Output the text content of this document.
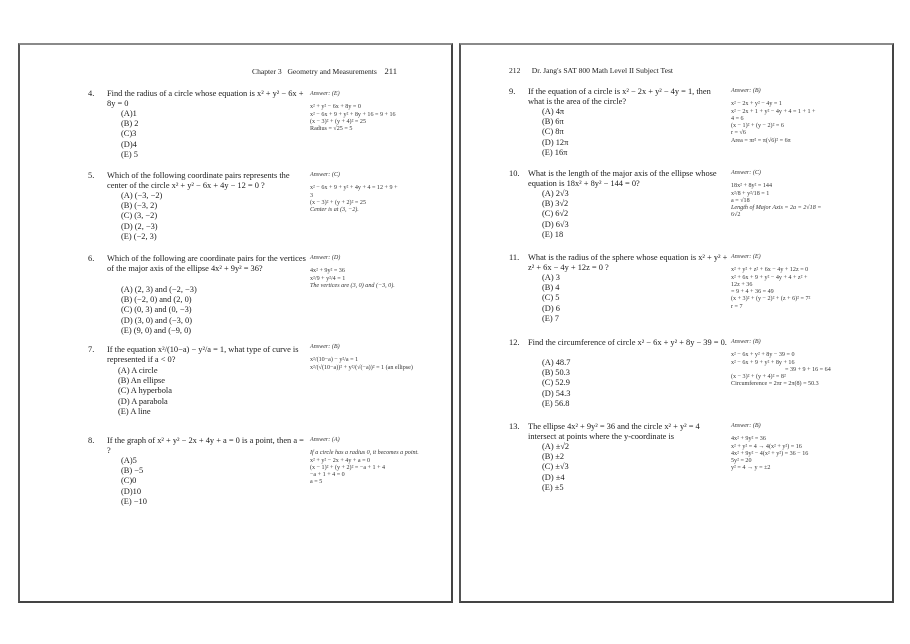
Chapter 3 Geometry and Measurements 211
4. Find the radius of a circle whose equation is x² + y² − 6x + 8y = 0
(A)1
(B) 2
(C)3
(D)4
(E) 5
Answer: (E)
x² + y² − 6x + 8y = 0
x² − 6x + 9 + y² + 8y + 16 = 9 + 16
(x − 3)² + (y + 4)² = 25
Radius = √25 = 5
5. Which of the following coordinate pairs represents the center of the circle x² + y² − 6x + 4y − 12 = 0 ?
(A) (−3, −2)
(B) (−3, 2)
(C) (3, −2)
(D) (2, −3)
(E) (−2, 3)
Answer: (C)
x² − 6x + 9 + y² + 4y + 4 = 12 + 9 +
3
(x − 3)² + (y + 2)² = 25
Center is at (3, −2).
6. Which of the following are coordinate pairs for the vertices of the major axis of the ellipse 4x² + 9y² = 36?
(A) (2, 3) and (−2, −3)
(B) (−2, 0) and (2, 0)
(C) (0, 3) and (0, −3)
(D) (3, 0) and (−3, 0)
(E) (9, 0) and (−9, 0)
Answer: (D)
4x² + 9y² = 36
x²/9 + y²/4 = 1
The vertices are (3, 0) and (−3, 0).
7. If the equation x²/(10−a) − y²/a = 1, what type of curve is represented if a < 0?
(A) A circle
(B) An ellipse
(C) A hyperbola
(D) A parabola
(E) A line
Answer: (B)
x²/(10−a) − y²/a = 1
x²/(√(10−a))² + y²/(√(−a))² = 1 (an ellipse)
8. If the graph of x² + y² − 2x + 4y + a = 0 is a point, then a = ?
(A)5
(B) −5
(C)0
(D)10
(E) −10
Answer: (A)
If a circle has a radius 0, it becomes a point.
x² + y² − 2x + 4y + a = 0
(x − 1)² + (y + 2)² = −a + 1 + 4
−a + 1 + 4 = 0
a = 5
212 Dr. Jang's SAT 800 Math Level II Subject Test
9. If the equation of a circle is x² − 2x + y² − 4y = 1, then what is the area of the circle?
(A) 4π
(B) 6π
(C) 8π
(D) 12π
(E) 16π
Answer: (B)
x² − 2x + y² − 4y = 1
x² − 2x + 1 + y² − 4y + 4 = 1 + 1 +
4 = 6
(x − 1)² + (y − 2)² = 6
r = √6
Area = πr² = π(√6)² = 6π
10. What is the length of the major axis of the ellipse whose equation is 18x² + 8y² − 144 = 0?
(A) 2√3
(B) 3√2
(C) 6√2
(D) 6√3
(E) 18
Answer: (C)
18x² + 8y² = 144
x²/8 + y²/18 = 1
a = √18
Length of Major Axis = 2a = 2√18 =
6√2
11. What is the radius of the sphere whose equation is x² + y² + z² + 6x − 4y + 12z = 0 ?
(A) 3
(B) 4
(C) 5
(D) 6
(E) 7
Answer: (E)
x² + y² + z² + 6x − 4y + 12z = 0
x² + 6x + 9 + y² − 4y + 4 + z² +
12z + 36
= 9 + 4 + 36 = 49
(x + 3)² + (y − 2)² + (z + 6)² = 7²
r = 7
12. Find the circumference of circle x² − 6x + y² + 8y − 39 = 0.
(A) 48.7
(B) 50.3
(C) 52.9
(D) 54.3
(E) 56.8
Answer: (B)
x² − 6x + y² + 8y − 39 = 0
x² − 6x + 9 + y² + 8y + 16
= 39 + 9 + 16 = 64
(x − 3)² + (y + 4)² = 8²
Circumference = 2πr = 2π(8) = 50.3
13. The ellipse 4x² + 9y² = 36 and the circle x² + y² = 4 intersect at points where the y-coordinate is
(A) ±√2
(B) ±2
(C) ±√3
(D) ±4
(E) ±5
Answer: (B)
4x² + 9y² = 36
x² + y² = 4 → 4(x² + y²) = 16
4x² + 9y² − 4(x² + y²) = 36 − 16
5y² = 20
y² = 4 → y = ±2
